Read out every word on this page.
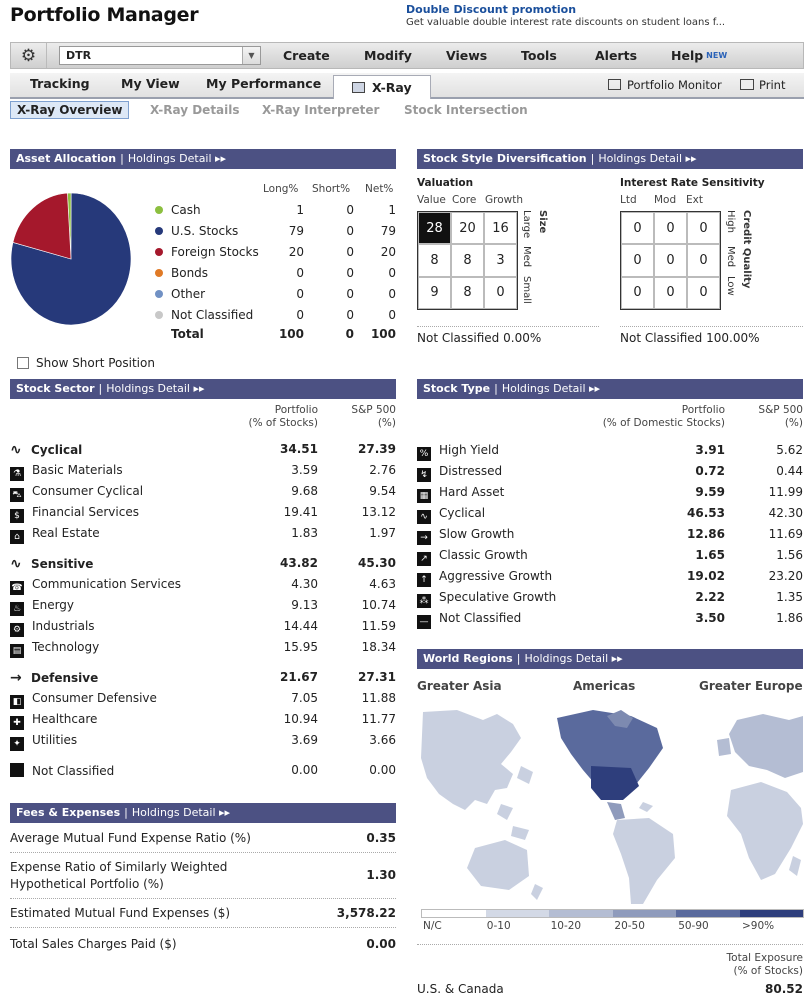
Portfolio Manager	Double Discount promotion
Get valuable double interest rate discounts on student loans f...
⚙	DTR	▼	Create	Modify	Views	Tools	Alerts	Help $^{NEW}$
Tracking	My View My Performance	X-Ray	Portfolio Monitor	Print
X-Ray Overview	X-Ray Details X-Ray Interpreter Stock Intersection
Asset Allocation | Holdings Detail ▸▸
Long% Short% Net%
Cash	1	0	1
U.S. Stocks	79	0	79
Foreign Stocks	20	0	20
Bonds	0	0	0
Other	0	0	0
Not Classified	0	0	0
Total	100	0	100
Show Short Position
Stock Style Diversification | Holdings Detail ▸▸
Valuation
Value Core Growth
28	20	16
8	8	3
9	8	0
Size
Large
Med
Small
Not Classified 0.00%
Interest Rate Sensitivity
Ltd Mod Ext
0	0	0
0	0	0
0	0	0
Credit Quality
High
Med
Low
Not Classified 100.00%
Stock Sector | Holdings Detail ▸▸
Portfolio
(% of Stocks)
S&P 500
(%)
∿ Cyclical	34.51	27.39
⚗ Basic Materials	3.59	2.76
⛍ Consumer Cyclical	9.68	9.54
$ Financial Services	19.41	13.12
⌂ Real Estate	1.83	1.97
∿ Sensitive	43.82	45.30
☎ Communication Services	4.30	4.63
♨ Energy	9.13	10.74
⚙ Industrials	14.44	11.59
▤ Technology	15.95	18.34
→ Defensive	21.67	27.31
◧ Consumer Defensive	7.05	11.88
✚ Healthcare	10.94	11.77
✦ Utilities	3.69	3.66
Not Classified	0.00	0.00
Stock Type | Holdings Detail ▸▸
Portfolio
(% of Domestic Stocks)
S&P 500
(%)
% High Yield	3.91	5.62
↯ Distressed	0.72	0.44
▦ Hard Asset	9.59	11.99
∿ Cyclical	46.53	42.30
→ Slow Growth	12.86	11.69
↗ Classic Growth	1.65	1.56
↑ Aggressive Growth	19.02	23.20
⁂ Speculative Growth	2.22	1.35
— Not Classified	3.50	1.86
Fees & Expenses | Holdings Detail ▸▸
Average Mutual Fund Expense Ratio (%)	0.35
Expense Ratio of Similarly Weighted
Hypothetical Portfolio (%)
1.30
Estimated Mutual Fund Expenses ($)	3,578.22
Total Sales Charges Paid ($)	0.00
World Regions | Holdings Detail ▸▸
Greater Asia	Americas	Greater Europe
N/C	0-10	10-20	20-50	50-90	>90%
Total Exposure
(% of Stocks)
U.S. & Canada	80.52
